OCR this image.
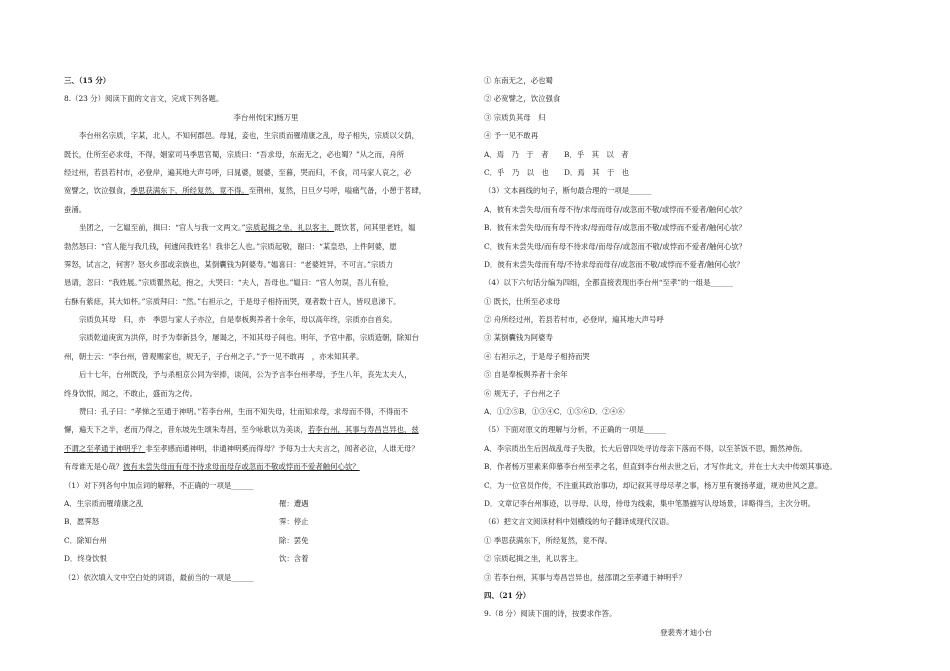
三、（15 分）
8.（23 分）阅读下面的文言文，完成下列各题。
李台州传[宋]杨万里
李台州名宗质，字某，北人，不知何郡邑。母晁，妾也，生宗质而罹靖康之乱，母子相失，宗质以父荫，
既长，仕所至必求母，不得，姻家司马季思官蜀，宗质曰：“吾求母，东南无之，必也蜀？”从之而，舟所
经过州，若县若村市，必登岸，遍其地大声号呼，曰晁婆，展婆，至暮，哭而归，不食，司马家人哀之，必
宽譬之，饮泣强食，季思获满东下，所经复然，竟不得。至荆州，复然，日旦夕号呼，嗌痛气备，小憩于茗肆，
蚕涌。
坐团之，一乞媪至前，揖曰：“官人与我一文两文。”宗质起揖之坐，礼以客主，既饮茗，问其里老姓，媪
勃然怒曰：“官人能与我几钱，何遽问我姓名！我非乞人也。”宗质起敬，谢曰：“某皇恐，上件阿婆，愿
霁怒，试言之，何害？怒火乡邵或亲族也，某倒囊钱为阿婆寿。”媪喜曰：“老婆姓异，不可言。”宗质力
恳请，忽曰：“我姓展。”宗质瞿然起，抱之，大哭曰：“夫人，吾母也。”媪曰：“官人勿误，吾儿有验，
右酥有紫痣，其大如杯。”宗质拜曰：“然。”右袒示之，于是母子相持而哭，观者数十百人，皆叹息涕下。
宗质负其母　归，亦　季思与家人子亦泣，自是奉板舆养者十余年，母以高年终，宗质亦自首矣。
宗质乾道庚寅为洪倅，时予为奉新县令，屡谒之，不知其母子间也。明年，予官中都，宗质造朝，除知台
州，朝士云：“李台州，曾观赐家也，规无子，子台州之子。”予一见不敢再　，亦未知其孝。
后十七年，台州既没，予与杀相京公同为宰捧，谈间，公为予言李台州孝母，予生八年，丧先太夫人，
终身饮恨，闻之，不敢止，盛而为之传。
赞曰：孔子曰：“孝悌之至通于神明。”若李台州，生而不知失母，壮而知求母，求母而不得，不得而不
懈，遍天下之半，老而乃得之，昔东坡先生颂朱寿昌，至今咏歌以为美谈，若李台州，其事与寿昌岂异也，兹
不谓之至孝通于神明乎？非至孝感而通神明，非通神明奚而得母？予每为士大夫言之，闻者必泣，人谁无母？
有母谁无是心哉？彼有未尝失母而有母不待求母而母存或忽而不敬或悖而不爱者触何心欤？
（1）对下列各句中加点词的解释，不正确的一项是______
A．生宗质而罹靖康之乱	罹：遭遇
B．愿霁怒	霁：停止
C．除知台州	除：罢免
D．终身饮恨	饮：含着
（2）依次填入文中空白处的词语，最前当的一项是______
① 东南无之，必也蜀
② 必宽譬之，饮泣强食
③ 宗质负其母　归
④ 予一见不敢再
A．焉　乃　于　者 B．乎　其　以　者
C．乎　乃　以　也 D．焉　其　于　也
（3）文本画线的句子，断句最合理的一项是______
A．彼有未尝失母/而有母不待/求母而母存/或忽而不敬/或悖而不爱者/触何心欤？
B．彼有未尝失母/而有母不待求/母而母存/或忽而不敬/或悖而不爱者/触何心欤？
C．彼有未尝失母/而有母不待求母/而母存/或忽而不敬/或悖而不爱者/触何心欤？
D．彼有未尝失母而有母/不待求母而母存/或忽而不敬/或悖而不爱者/触何心欤？
（4）以下六句话分编为四组，全都直接表现出李台州“至孝”的一组是______
① 既长，仕所至必求母
② 舟所经过州，若县若村市，必登岸，遍其地大声号呼
③ 某倒囊钱为阿婆寿
④ 右袒示之，于是母子相持而哭
⑤ 自是奉板舆养者十余年
⑥ 规无子，子台州之子
A．①②⑤B．①③④C．①⑤⑥D．②④⑥
（5）下面对原文的理解与分析，不正确的一项是______
A．李宗质出生后因战乱母子失散，长大后曾四处寻访母亲下落而不得，以至茶饭不思，黯然神伤。
B．作者杨万里素来仰慕李台州至孝之名，但直到李台州去世之后，才写作此文，并在士大夫中传颂其事迹。
C．为一位官员作传，不注重其政治事功，却记叙其寻母尽孝之事，杨万里有褒扬孝道，规劝世风之意。
D．文章记李台州事迹，以寻母、认母，侍母为线索，集中笔墨描写认母场景，详略得当，主次分明。
（6）把文言文阅读材料中划横线的句子翻译成现代汉语。
① 季思获满东下，所经复然，竟不得。
② 宗质起揖之坐，礼以客主。
③ 若李台州，其事与寿昌岂异也，兹邵谓之至孝通于神明乎？
四、（21 分）
9.（8 分）阅读下面的诗，按要求作答。
登裴秀才迪小台
